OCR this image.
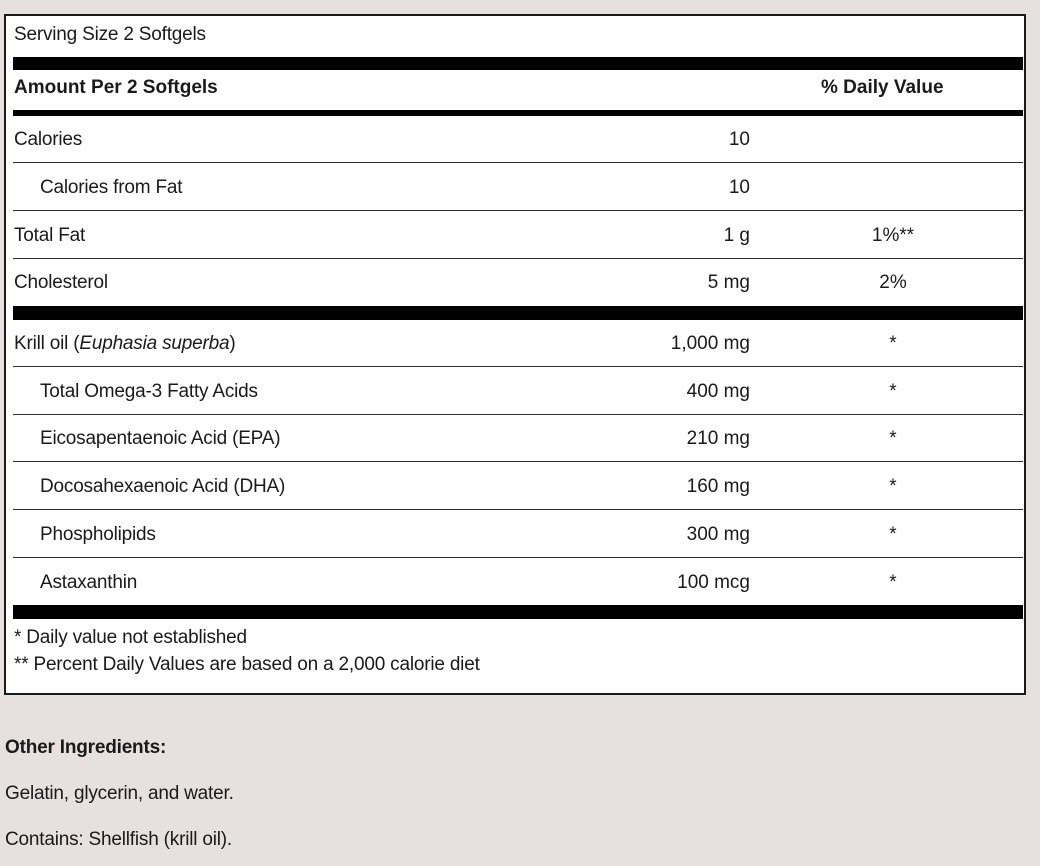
Serving Size 2 Softgels
Amount Per 2 Softgels	% Daily Value
Calories	10
Calories from Fat	10
Total Fat	1 g	1%**
Cholesterol	5 mg	2%
Krill oil (Euphasia superba)	1,000 mg	*
Total Omega-3 Fatty Acids	400 mg	*
Eicosapentaenoic Acid (EPA)	210 mg	*
Docosahexaenoic Acid (DHA)	160 mg	*
Phospholipids	300 mg	*
Astaxanthin	100 mcg	*
* Daily value not established
** Percent Daily Values are based on a 2,000 calorie diet
Other Ingredients:
Gelatin, glycerin, and water.
Contains: Shellfish (krill oil).
